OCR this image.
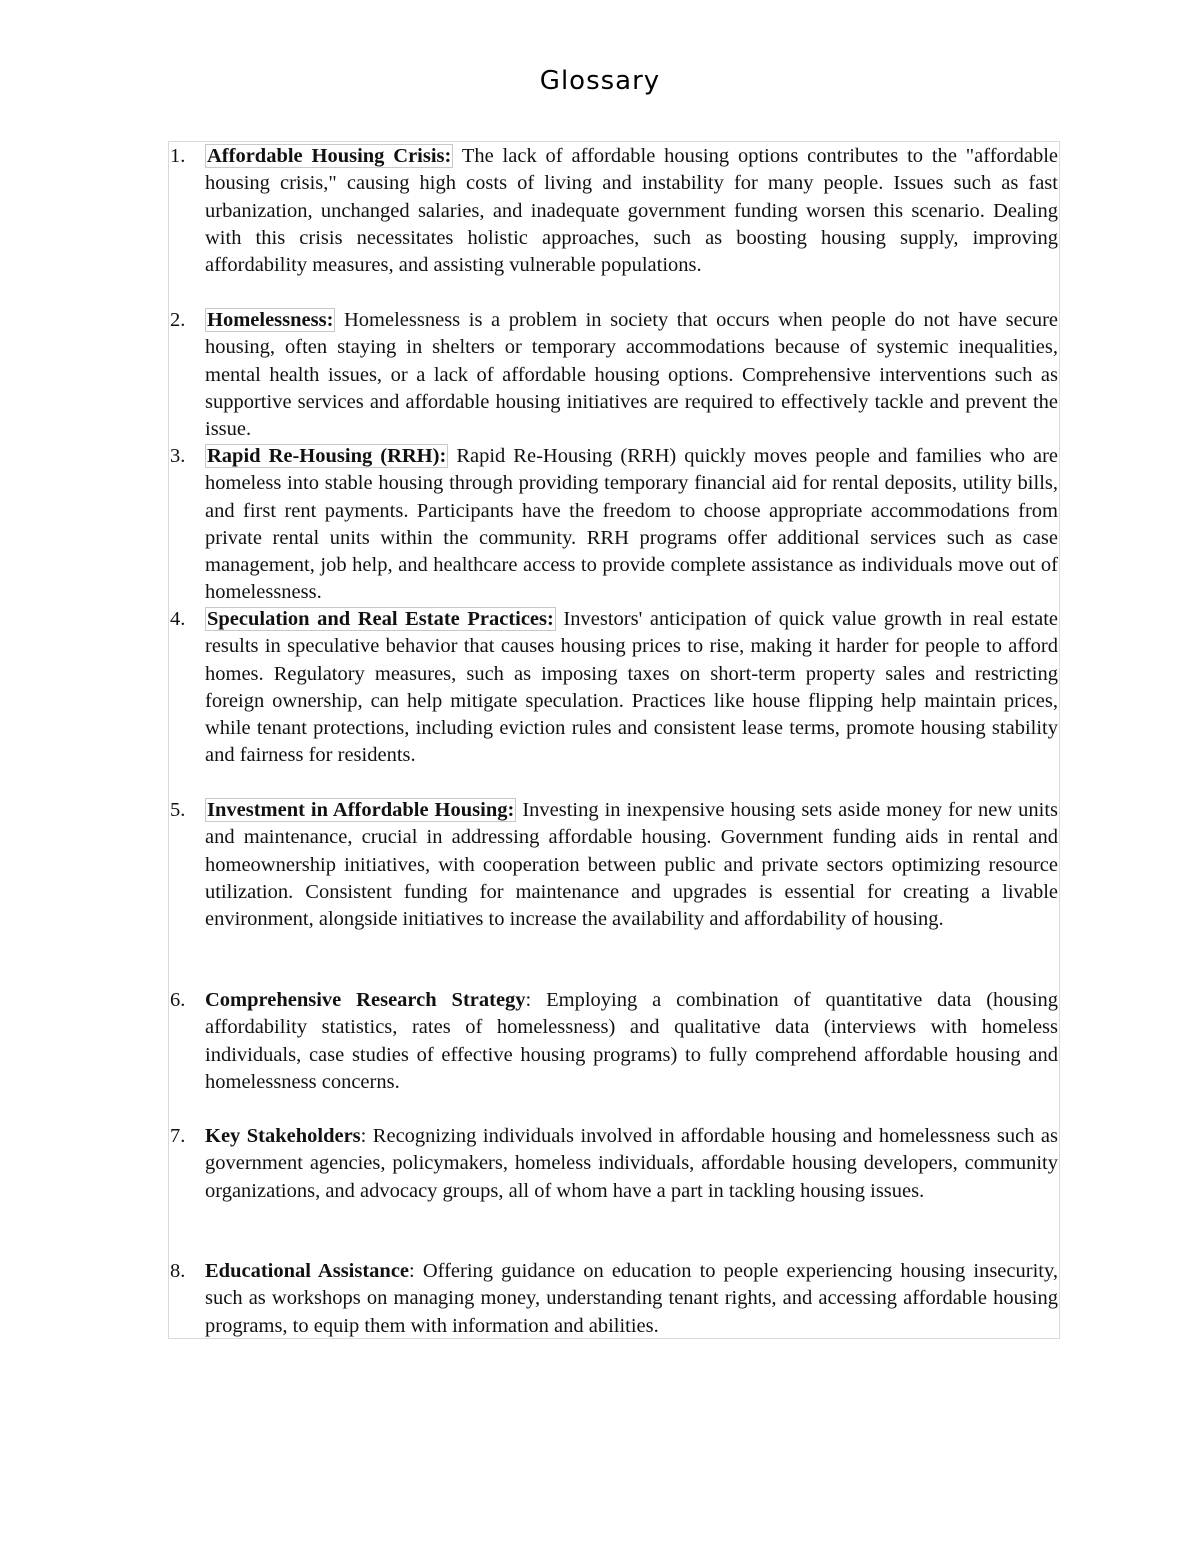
Glossary
1.	Affordable Housing Crisis: The lack of affordable housing options contributes to the "affordable housing crisis," causing high costs of living and instability for many people. Issues such as fast urbanization, unchanged salaries, and inadequate government funding worsen this scenario. Dealing with this crisis necessitates holistic approaches, such as boosting housing supply, improving affordability measures, and assisting vulnerable populations.
2.	Homelessness: Homelessness is a problem in society that occurs when people do not have secure housing, often staying in shelters or temporary accommodations because of systemic inequalities, mental health issues, or a lack of affordable housing options. Comprehensive interventions such as supportive services and affordable housing initiatives are required to effectively tackle and prevent the issue.
3.	Rapid Re-Housing (RRH): Rapid Re-Housing (RRH) quickly moves people and families who are homeless into stable housing through providing temporary financial aid for rental deposits, utility bills, and first rent payments. Participants have the freedom to choose appropriate accommodations from private rental units within the community. RRH programs offer additional services such as case management, job help, and healthcare access to provide complete assistance as individuals move out of homelessness.
4.	Speculation and Real Estate Practices: Investors' anticipation of quick value growth in real estate results in speculative behavior that causes housing prices to rise, making it harder for people to afford homes. Regulatory measures, such as imposing taxes on short-term property sales and restricting foreign ownership, can help mitigate speculation. Practices like house flipping help maintain prices, while tenant protections, including eviction rules and consistent lease terms, promote housing stability and fairness for residents.
5.	Investment in Affordable Housing: Investing in inexpensive housing sets aside money for new units and maintenance, crucial in addressing affordable housing. Government funding aids in rental and homeownership initiatives, with cooperation between public and private sectors optimizing resource utilization. Consistent funding for maintenance and upgrades is essential for creating a livable environment, alongside initiatives to increase the availability and affordability of housing.
6. Comprehensive Research Strategy: Employing a combination of quantitative data (housing affordability statistics, rates of homelessness) and qualitative data (interviews with homeless individuals, case studies of effective housing programs) to fully comprehend affordable housing and homelessness concerns.
7. Key Stakeholders: Recognizing individuals involved in affordable housing and homelessness such as government agencies, policymakers, homeless individuals, affordable housing developers, community organizations, and advocacy groups, all of whom have a part in tackling housing issues.
8. Educational Assistance: Offering guidance on education to people experiencing housing insecurity, such as workshops on managing money, understanding tenant rights, and accessing affordable housing programs, to equip them with information and abilities.
